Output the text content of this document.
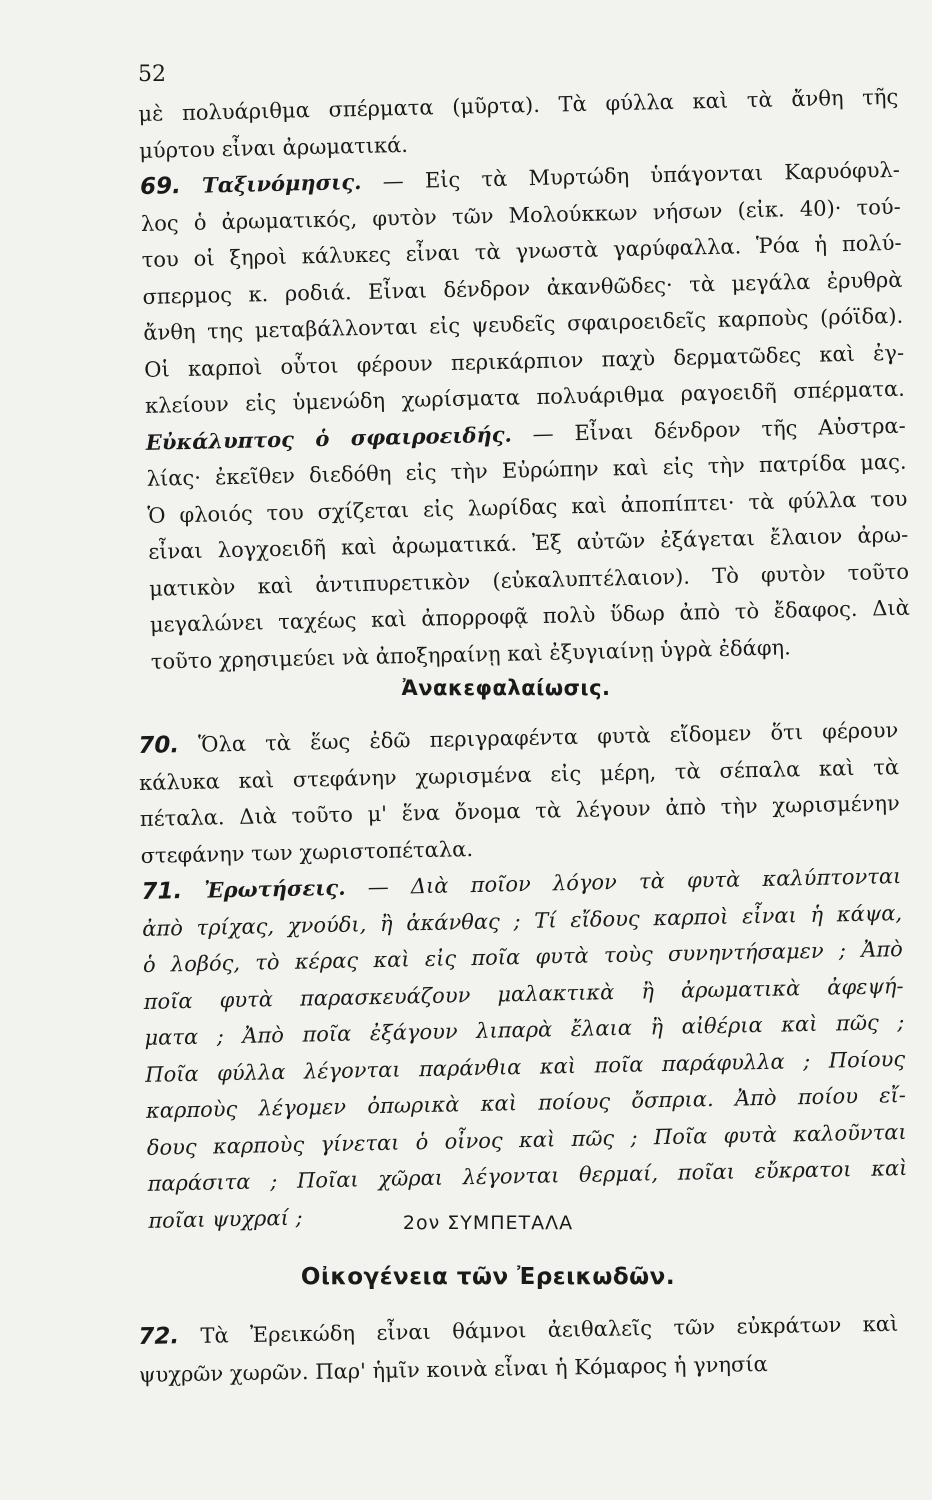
52
μὲ πολυάριθμα σπέρματα (μῦρτα). Τὰ φύλλα καὶ τὰ ἄνθη τῆς
μύρτου εἶναι ἀρωματικά.
69. Ταξινόμησις. — Εἰς τὰ Μυρτώδη ὑπάγονται Καρυόφυλ-
λος ὁ ἀρωματικός, φυτὸν τῶν Μολούκκων νήσων (εἰκ. 40)· τού-
του οἱ ξηροὶ κάλυκες εἶναι τὰ γνωστὰ γαρύφαλλα. Ῥόα ἡ πολύ-
σπερμος κ. ροδιά. Εἶναι δένδρον ἀκανθῶδες· τὰ μεγάλα ἐρυθρὰ
ἄνθη της μεταβάλλονται εἰς ψευδεῖς σφαιροειδεῖς καρποὺς (ρόϊδα).
Οἱ καρποὶ οὗτοι φέρουν περικάρπιον παχὺ δερματῶδες καὶ ἐγ-
κλείουν εἰς ὑμενώδη χωρίσματα πολυάριθμα ραγοειδῆ σπέρματα.
Εὐκάλυπτος ὁ σφαιροειδής. — Εἶναι δένδρον τῆς Αὐστρα-
λίας· ἐκεῖθεν διεδόθη εἰς τὴν Εὐρώπην καὶ εἰς τὴν πατρίδα μας.
Ὁ φλοιός του σχίζεται εἰς λωρίδας καὶ ἀποπίπτει· τὰ φύλλα του
εἶναι λογχοειδῆ καὶ ἀρωματικά. Ἐξ αὐτῶν ἐξάγεται ἔλαιον ἀρω-
ματικὸν καὶ ἀντιπυρετικὸν (εὐκαλυπτέλαιον). Τὸ φυτὸν τοῦτο
μεγαλώνει ταχέως καὶ ἀπορροφᾷ πολὺ ὕδωρ ἀπὸ τὸ ἔδαφος. Διὰ
τοῦτο χρησιμεύει νὰ ἀποξηραίνῃ καὶ ἐξυγιαίνῃ ὑγρὰ ἐδάφη.
Ἀνακεφαλαίωσις.
70. Ὅλα τὰ ἕως ἐδῶ περιγραφέντα φυτὰ εἴδομεν ὅτι φέρουν
κάλυκα καὶ στεφάνην χωρισμένα εἰς μέρη, τὰ σέπαλα καὶ τὰ
πέταλα. Διὰ τοῦτο μ' ἕνα ὄνομα τὰ λέγουν ἀπὸ τὴν χωρισμένην
στεφάνην των χωριστοπέταλα.
71. Ἐρωτήσεις. — Διὰ ποῖον λόγον τὰ φυτὰ καλύπτονται
ἀπὸ τρίχας, χνούδι, ἢ ἀκάνθας ; Τί εἴδους καρποὶ εἶναι ἡ κάψα,
ὁ λοβός, τὸ κέρας καὶ εἰς ποῖα φυτὰ τοὺς συνηντήσαμεν ; Ἀπὸ
ποῖα φυτὰ παρασκευάζουν μαλακτικὰ ἢ ἀρωματικὰ ἀφεψή-
ματα ; Ἀπὸ ποῖα ἐξάγουν λιπαρὰ ἔλαια ἢ αἰθέρια καὶ πῶς ;
Ποῖα φύλλα λέγονται παράνθια καὶ ποῖα παράφυλλα ; Ποίους
καρποὺς λέγομεν ὀπωρικὰ καὶ ποίους ὄσπρια. Ἀπὸ ποίου εἴ-
δους καρποὺς γίνεται ὁ οἶνος καὶ πῶς ; Ποῖα φυτὰ καλοῦνται
παράσιτα ; Ποῖαι χῶραι λέγονται θερμαί, ποῖαι εὔκρατοι καὶ
ποῖαι ψυχραί ;	2ον ΣΥΜΠΕΤΑΛΑ
Οἰκογένεια τῶν Ἐρεικωδῶν.
72. Τὰ Ἐρεικώδη εἶναι θάμνοι ἀειθαλεῖς τῶν εὐκράτων καὶ
ψυχρῶν χωρῶν. Παρ' ἡμῖν κοινὰ εἶναι ἡ Κόμαρος ἡ γνησία
